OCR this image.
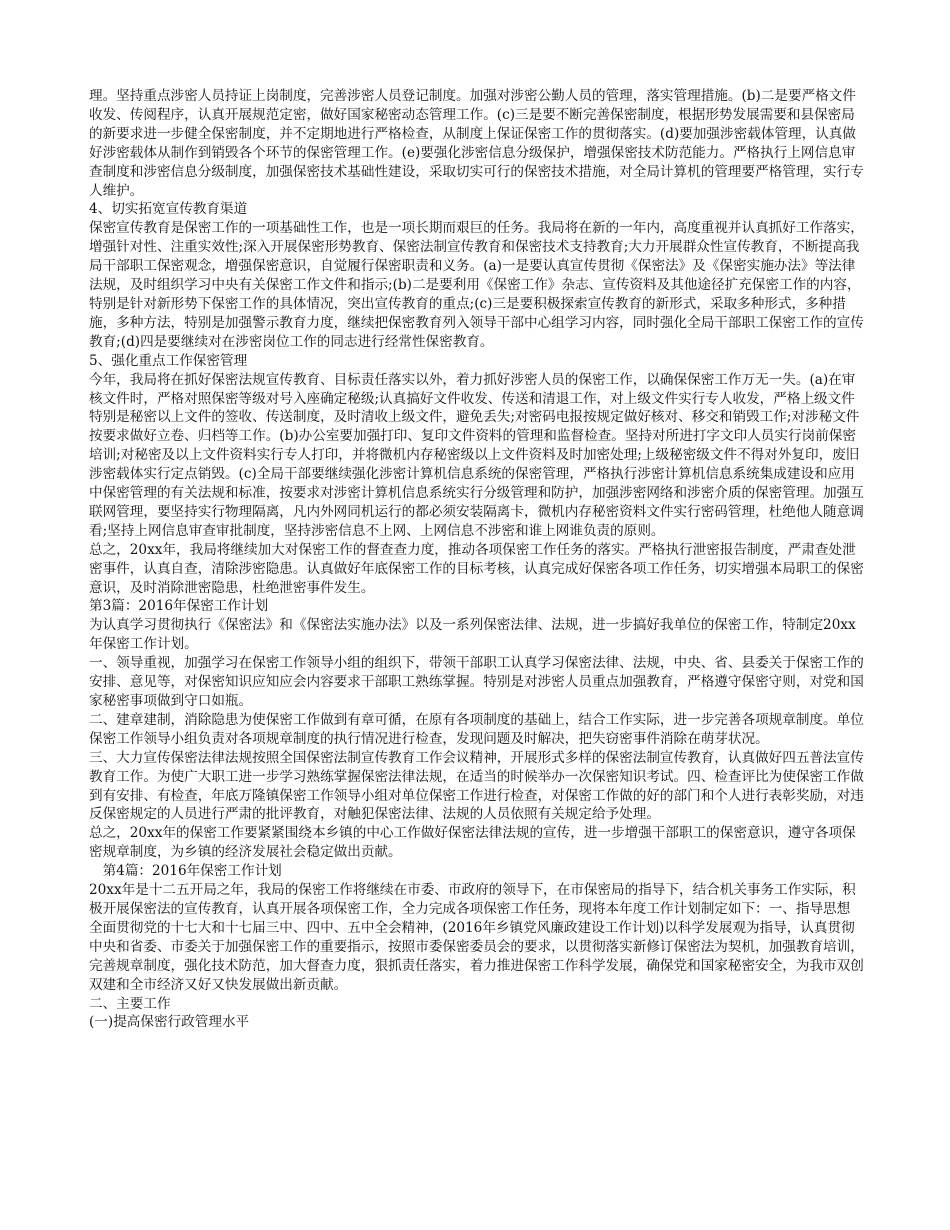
理。坚持重点涉密人员持证上岗制度，完善涉密人员登记制度。加强对涉密公勤人员的管理，落实管理措施。(b)二是要严格文件收发、传阅程序，认真开展规范定密，做好国家秘密动态管理工作。(c)三是要不断完善保密制度，根据形势发展需要和县保密局的新要求进一步健全保密制度，并不定期地进行严格检查，从制度上保证保密工作的贯彻落实。(d)要加强涉密载体管理，认真做好涉密载体从制作到销毁各个环节的保密管理工作。(e)要强化涉密信息分级保护，增强保密技术防范能力。严格执行上网信息审查制度和涉密信息分级制度，加强保密技术基础性建设，采取切实可行的保密技术措施，对全局计算机的管理要严格管理，实行专人维护。

4、切实拓宽宣传教育渠道

保密宣传教育是保密工作的一项基础性工作，也是一项长期而艰巨的任务。我局将在新的一年内，高度重视并认真抓好工作落实，增强针对性、注重实效性;深入开展保密形势教育、保密法制宣传教育和保密技术支持教育;大力开展群众性宣传教育，不断提高我局干部职工保密观念，增强保密意识，自觉履行保密职责和义务。(a)一是要认真宣传贯彻《保密法》及《保密实施办法》等法律法规，及时组织学习中央有关保密工作文件和指示;(b)二是要利用《保密工作》杂志、宣传资料及其他途径扩充保密工作的内容，特别是针对新形势下保密工作的具体情况，突出宣传教育的重点;(c)三是要积极探索宣传教育的新形式，采取多种形式，多种措施，多种方法，特别是加强警示教育力度，继续把保密教育列入领导干部中心组学习内容，同时强化全局干部职工保密工作的宣传教育;(d)四是要继续对在涉密岗位工作的同志进行经常性保密教育。

5、强化重点工作保密管理

今年，我局将在抓好保密法规宣传教育、目标责任落实以外，着力抓好涉密人员的保密工作，以确保保密工作万无一失。(a)在审核文件时，严格对照保密等级对号入座确定秘级;认真搞好文件收发、传送和清退工作，对上级文件实行专人收发，严格上级文件特别是秘密以上文件的签收、传送制度，及时清收上级文件，避免丢失;对密码电报按规定做好核对、移交和销毁工作;对涉秘文件按要求做好立卷、归档等工作。(b)办公室要加强打印、复印文件资料的管理和监督检查。坚持对所进打字文印人员实行岗前保密培训;对秘密及以上文件资料实行专人打印，并将微机内存秘密级以上文件资料及时加密处理;上级秘密级文件不得对外复印，废旧涉密载体实行定点销毁。(c)全局干部要继续强化涉密计算机信息系统的保密管理，严格执行涉密计算机信息系统集成建设和应用中保密管理的有关法规和标准，按要求对涉密计算机信息系统实行分级管理和防护，加强涉密网络和涉密介质的保密管理。加强互联网管理，要坚持实行物理隔离，凡内外网同机运行的都必须安装隔离卡，微机内存秘密资料文件实行密码管理，杜绝他人随意调看;坚持上网信息审查审批制度，坚持涉密信息不上网、上网信息不涉密和谁上网谁负责的原则。

总之，20xx年，我局将继续加大对保密工作的督查查力度，推动各项保密工作任务的落实。严格执行泄密报告制度，严肃查处泄密事件，认真自查，清除涉密隐患。认真做好年底保密工作的目标考核，认真完成好保密各项工作任务，切实增强本局职工的保密意识，及时消除泄密隐患，杜绝泄密事件发生。

第3篇：2016年保密工作计划

为认真学习贯彻执行《保密法》和《保密法实施办法》以及一系列保密法律、法规，进一步搞好我单位的保密工作，特制定20xx年保密工作计划。

一、领导重视，加强学习在保密工作领导小组的组织下，带领干部职工认真学习保密法律、法规，中央、省、县委关于保密工作的安排、意见等，对保密知识应知应会内容要求干部职工熟练掌握。特别是对涉密人员重点加强教育，严格遵守保密守则，对党和国家秘密事项做到守口如瓶。

二、建章建制，消除隐患为使保密工作做到有章可循，在原有各项制度的基础上，结合工作实际，进一步完善各项规章制度。单位保密工作领导小组负责对各项规章制度的执行情况进行检查，发现问题及时解决，把失窃密事件消除在萌芽状况。

三、大力宣传保密法律法规按照全国保密法制宣传教育工作会议精神，开展形式多样的保密法制宣传教育，认真做好四五普法宣传教育工作。为使广大职工进一步学习熟练掌握保密法律法规，在适当的时候举办一次保密知识考试。四、检查评比为使保密工作做到有安排、有检查，年底万隆镇保密工作领导小组对单位保密工作进行检查，对保密工作做的好的部门和个人进行表彰奖励，对违反保密规定的人员进行严肃的批评教育，对触犯保密法律、法规的人员依照有关规定给予处理。

总之，20xx年的保密工作要紧紧围绕本乡镇的中心工作做好保密法律法规的宣传，进一步增强干部职工的保密意识，遵守各项保密规章制度，为乡镇的经济发展社会稳定做出贡献。

　第4篇：2016年保密工作计划

20xx年是十二五开局之年，我局的保密工作将继续在市委、市政府的领导下，在市保密局的指导下，结合机关事务工作实际，积极开展保密法的宣传教育，认真开展各项保密工作，全力完成各项保密工作任务，现将本年度工作计划制定如下：一、指导思想

全面贯彻党的十七大和十七届三中、四中、五中全会精神，(2016年乡镇党风廉政建设工作计划)以科学发展观为指导，认真贯彻中央和省委、市委关于加强保密工作的重要指示，按照市委保密委员会的要求，以贯彻落实新修订保密法为契机，加强教育培训，完善规章制度，强化技术防范，加大督查力度，狠抓责任落实，着力推进保密工作科学发展，确保党和国家秘密安全，为我市双创双建和全市经济又好又快发展做出新贡献。

二、主要工作

(一)提高保密行政管理水平
